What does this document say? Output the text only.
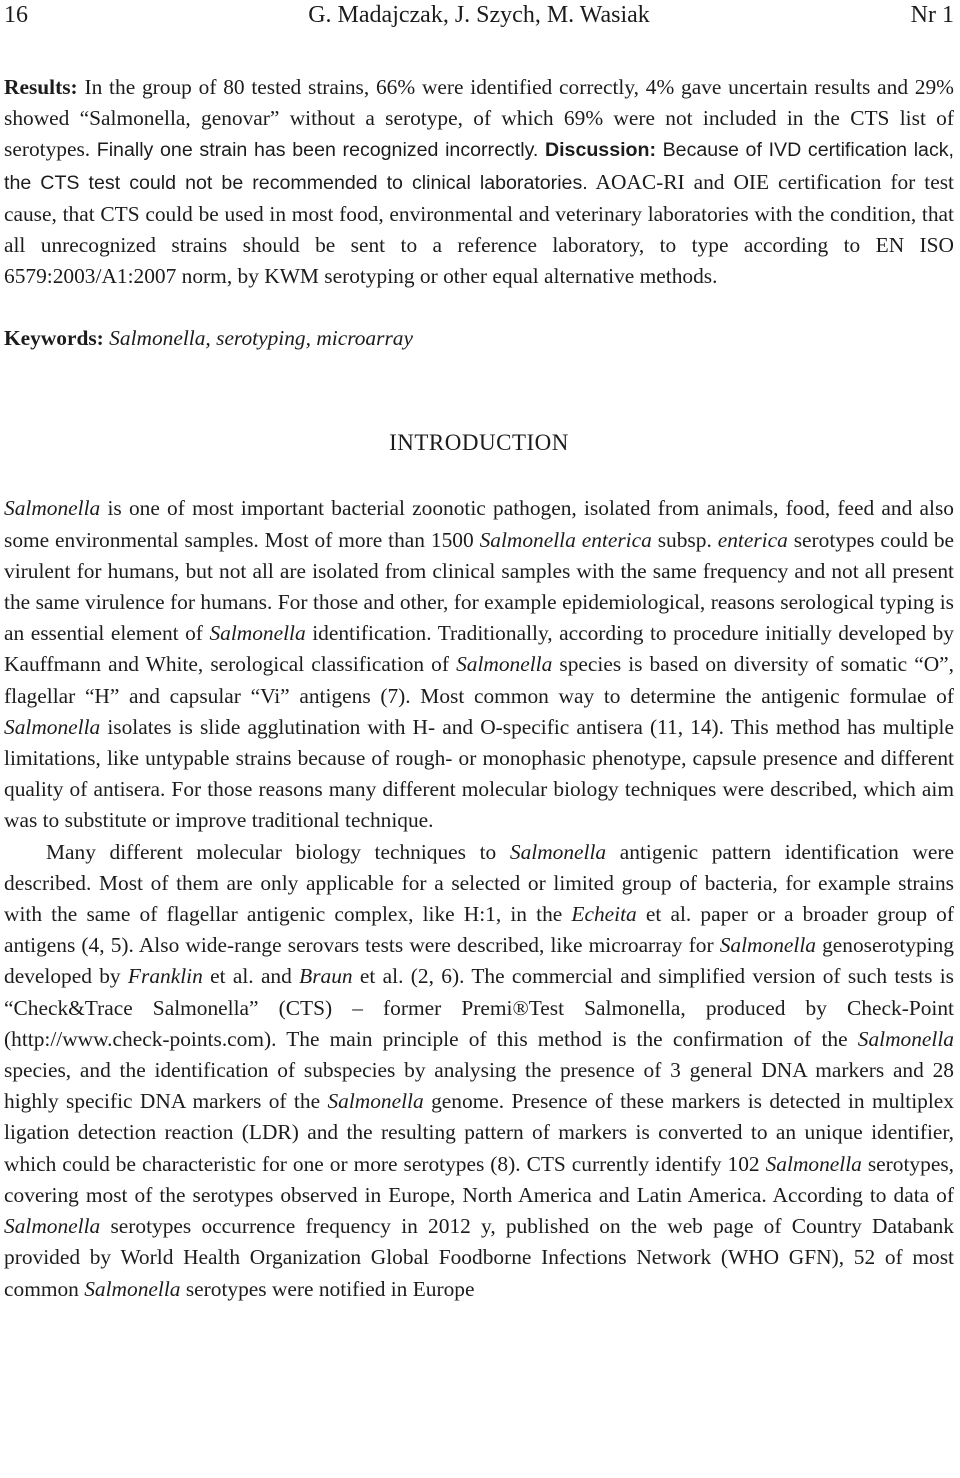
16	G. Madajczak, J. Szych, M. Wasiak	Nr 1

Results: In the group of 80 tested strains, 66% were identified correctly, 4% gave uncertain results and 29% showed “Salmonella, genovar” without a serotype, of which 69% were not included in the CTS list of serotypes. Finally one strain has been recognized incorrectly. Discussion: Because of IVD certification lack, the CTS test could not be recommended to clinical laboratories. AOAC-RI and OIE certification for test cause, that CTS could be used in most food, environmental and veterinary laboratories with the condition, that all unrecognized strains should be sent to a reference laboratory, to type according to EN ISO 6579:2003/A1:2007 norm, by KWM serotyping or other equal alternative methods.

Keywords: Salmonella, serotyping, microarray
INTRODUCTION

Salmonella is one of most important bacterial zoonotic pathogen, isolated from animals, food, feed and also some environmental samples. Most of more than 1500 Salmonella enterica subsp. enterica serotypes could be virulent for humans, but not all are isolated from clinical samples with the same frequency and not all present the same virulence for humans. For those and other, for example epidemiological, reasons serological typing is an essential element of Salmonella identification. Traditionally, according to procedure initially developed by Kauffmann and White, serological classification of Salmonella species is based on diversity of somatic “O”, flagellar “H” and capsular “Vi” antigens (7). Most common way to determine the antigenic formulae of Salmonella isolates is slide agglutination with H- and O-specific antisera (11, 14). This method has multiple limitations, like untypable strains because of rough- or monophasic phenotype, capsule presence and different quality of antisera. For those reasons many different molecular biology techniques were described, which aim was to substitute or improve traditional technique.

Many different molecular biology techniques to Salmonella antigenic pattern identification were described. Most of them are only applicable for a selected or limited group of bacteria, for example strains with the same of flagellar antigenic complex, like H:1, in the Echeita et al. paper or a broader group of antigens (4, 5). Also wide-range serovars tests were described, like microarray for Salmonella genoserotyping developed by Franklin et al. and Braun et al. (2, 6). The commercial and simplified version of such tests is “Check&Trace Salmonella” (CTS) – former Premi®Test Salmonella, produced by Check-Point (http://www.check-points.com). The main principle of this method is the confirmation of the Salmonella species, and the identification of subspecies by analysing the presence of 3 general DNA markers and 28 highly specific DNA markers of the Salmonella genome. Presence of these markers is detected in multiplex ligation detection reaction (LDR) and the resulting pattern of markers is converted to an unique identifier, which could be characteristic for one or more serotypes (8). CTS currently identify 102 Salmonella serotypes, covering most of the serotypes observed in Europe, North America and Latin America. According to data of Salmonella serotypes occurrence frequency in 2012 y, published on the web page of Country Databank provided by World Health Organization Global Foodborne Infections Network (WHO GFN), 52 of most common Salmonella serotypes were notified in Europe
